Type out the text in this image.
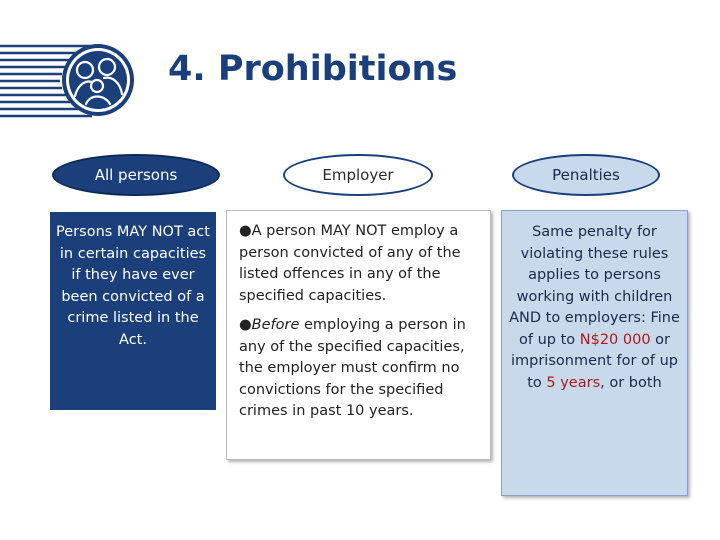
4. Prohibitions
All persons	Employer	Penalties
Persons MAY NOT act in certain capacities if they have ever been convicted of a crime listed in the Act.

●A person MAY NOT employ a person convicted of any of the listed offences in any of the specified capacities.

●Before employing a person in any of the specified capacities, the employer must confirm no convictions for the specified crimes in past 10 years.

Same penalty for violating these rules applies to persons working with children AND to employers: Fine of up to N$20 000 or imprisonment for of up to 5 years, or both
